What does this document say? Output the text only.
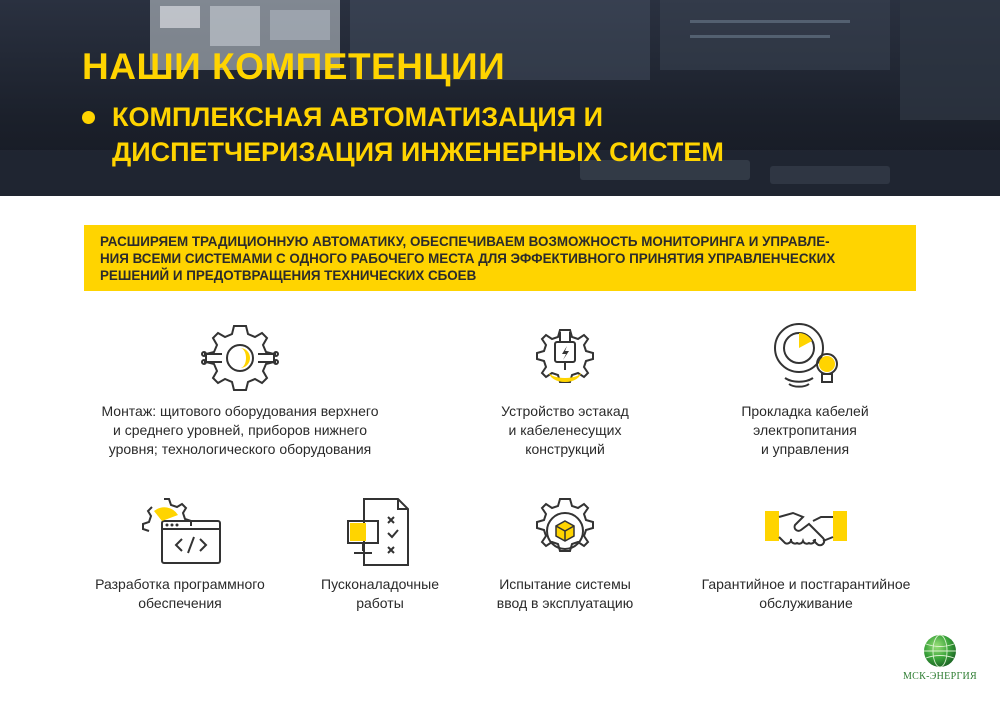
НАШИ КОМПЕТЕНЦИИ
КОМПЛЕКСНАЯ АВТОМАТИЗАЦИЯ И
ДИСПЕТЧЕРИЗАЦИЯ ИНЖЕНЕРНЫХ СИСТЕМ
РАСШИРЯЕМ ТРАДИЦИОННУЮ АВТОМАТИКУ, ОБЕСПЕЧИВАЕМ ВОЗМОЖНОСТЬ МОНИТОРИНГА И УПРАВЛЕ-
НИЯ ВСЕМИ СИСТЕМАМИ С ОДНОГО РАБОЧЕГО МЕСТА ДЛЯ ЭФФЕКТИВНОГО ПРИНЯТИЯ УПРАВЛЕНЧЕСКИХ
РЕШЕНИЙ И ПРЕДОТВРАЩЕНИЯ ТЕХНИЧЕСКИХ СБОЕВ
Монтаж: щитового оборудования верхнего
и среднего уровней, приборов нижнего
уровня; технологического оборудования
Устройство эстакад
и кабеленесущих
конструкций
Прокладка кабелей
электропитания
и управления
Разработка программного
обеспечения
Пусконаладочные
работы
Испытание системы
ввод в эксплуатацию
Гарантийное и постгарантийное
обслуживание
МСК-ЭНЕРГИЯ
